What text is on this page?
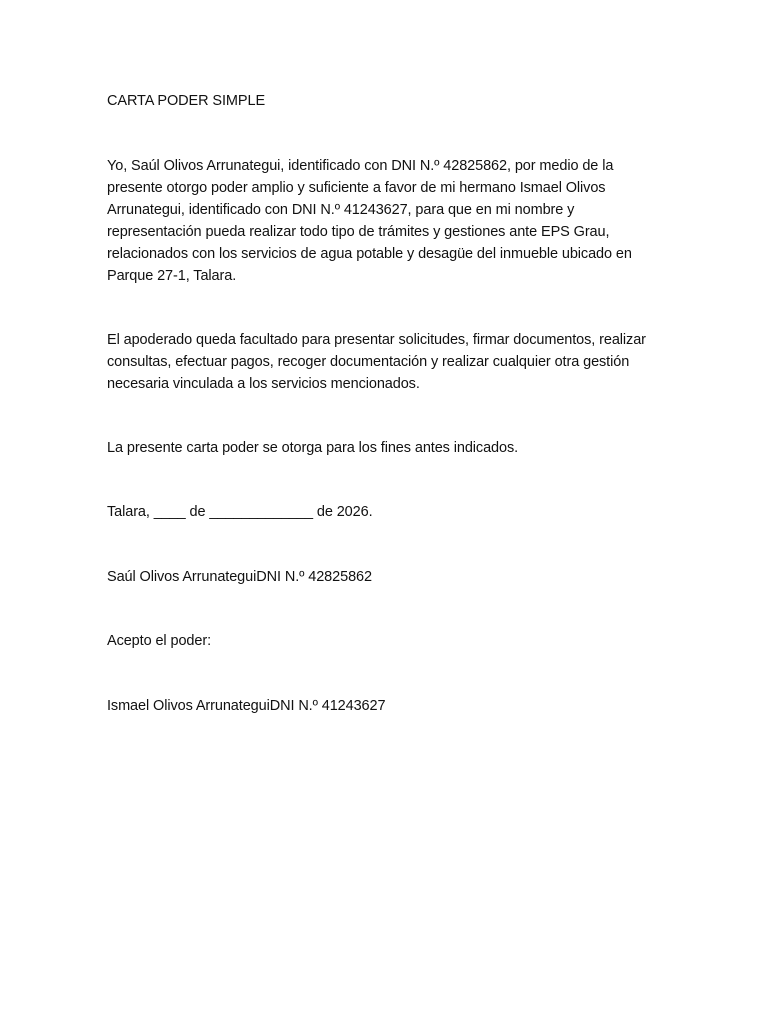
CARTA PODER SIMPLE

Yo, Saúl Olivos Arrunategui, identificado con DNI N.º 42825862, por medio de la presente otorgo poder amplio y suficiente a favor de mi hermano Ismael Olivos Arrunategui, identificado con DNI N.º 41243627, para que en mi nombre y representación pueda realizar todo tipo de trámites y gestiones ante EPS Grau, relacionados con los servicios de agua potable y desagüe del inmueble ubicado en Parque 27-1, Talara.

El apoderado queda facultado para presentar solicitudes, firmar documentos, realizar consultas, efectuar pagos, recoger documentación y realizar cualquier otra gestión necesaria vinculada a los servicios mencionados.

La presente carta poder se otorga para los fines antes indicados.

Talara, ____ de _____________ de 2026.

Saúl Olivos ArrunateguiDNI N.º 42825862

Acepto el poder:

Ismael Olivos ArrunateguiDNI N.º 41243627
